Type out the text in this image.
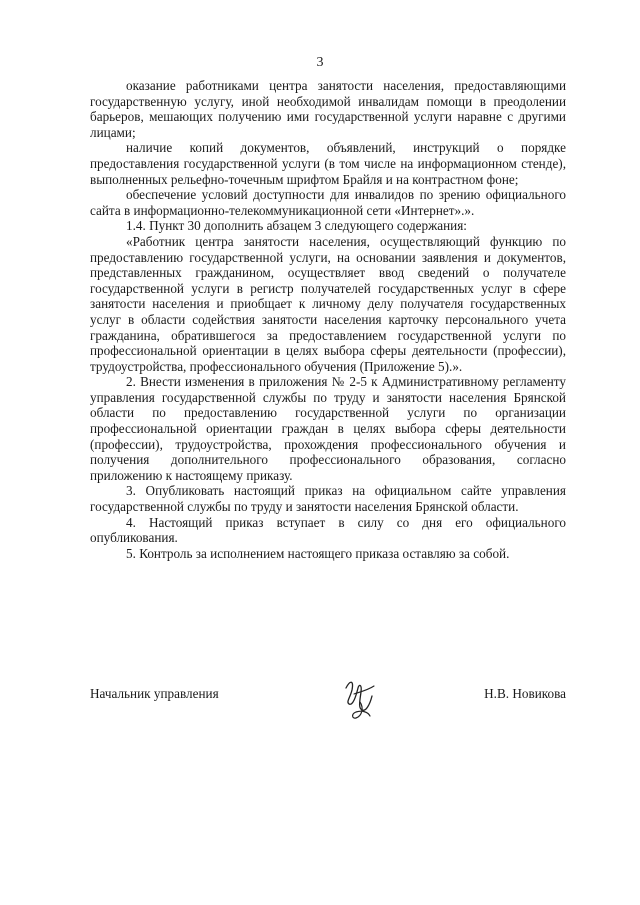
3

оказание работниками центра занятости населения, предоставляющими государственную услугу, иной необходимой инвалидам помощи в преодолении барьеров, мешающих получению ими государственной услуги наравне с другими лицами;

наличие копий документов, объявлений, инструкций о порядке предоставления государственной услуги (в том числе на информационном стенде), выполненных рельефно-точечным шрифтом Брайля и на контрастном фоне;

обеспечение условий доступности для инвалидов по зрению официального сайта в информационно-телекоммуникационной сети «Интернет».».

1.4. Пункт 30 дополнить абзацем 3 следующего содержания:

«Работник центра занятости населения, осуществляющий функцию по предоставлению государственной услуги, на основании заявления и документов, представленных гражданином, осуществляет ввод сведений о получателе государственной услуги в регистр получателей государственных услуг в сфере занятости населения и приобщает к личному делу получателя государственных услуг в области содействия занятости населения карточку персонального учета гражданина, обратившегося за предоставлением государственной услуги по профессиональной ориентации в целях выбора сферы деятельности (профессии), трудоустройства, профессионального обучения (Приложение 5).».

2. Внести изменения в приложения № 2-5 к Административному регламенту управления государственной службы по труду и занятости населения Брянской области по предоставлению государственной услуги по организации профессиональной ориентации граждан в целях выбора сферы деятельности (профессии), трудоустройства, прохождения профессионального обучения и получения дополнительного профессионального образования, согласно приложению к настоящему приказу.

3. Опубликовать настоящий приказ на официальном сайте управления государственной службы по труду и занятости населения Брянской области.

4. Настоящий приказ вступает в силу со дня его официального опубликования.

5. Контроль за исполнением настоящего приказа оставляю за собой.

Начальник управления	Н.В. Новикова
